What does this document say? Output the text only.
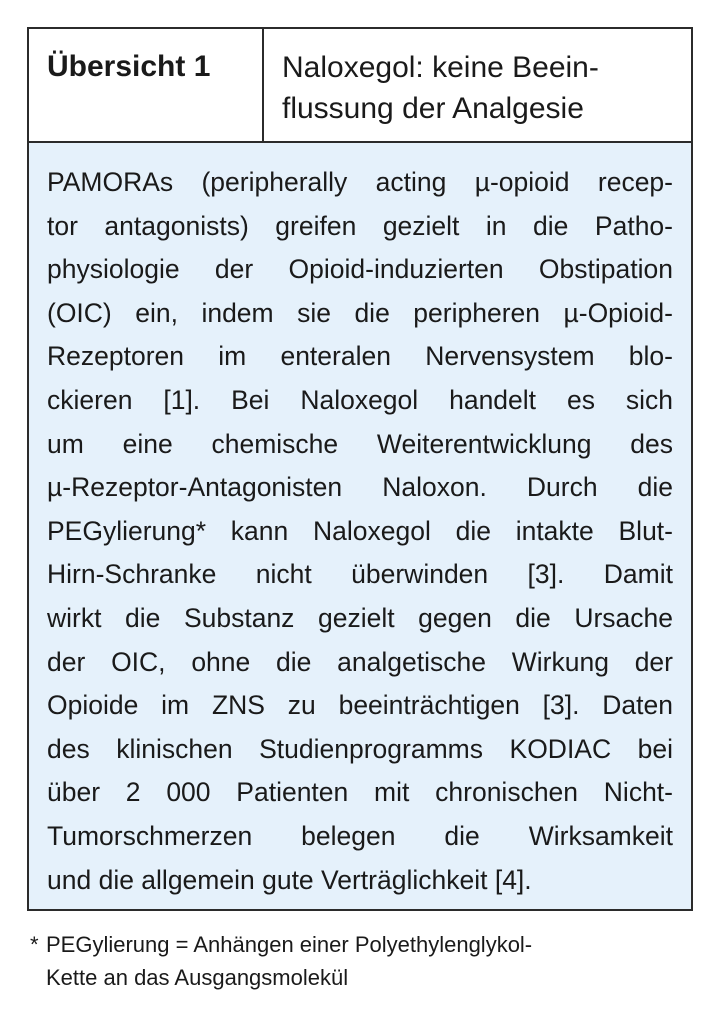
Übersicht 1	Naloxegol: keine Beein-
flussung der Analgesie
PAMORAs (peripherally acting µ-opioid recep-
tor antagonists) greifen gezielt in die Patho-
physiologie der Opioid-induzierten Obstipation
(OIC) ein, indem sie die peripheren µ-Opioid-
Rezeptoren im enteralen Nervensystem blo-
ckieren [1]. Bei Naloxegol handelt es sich
um eine chemische Weiterentwicklung des
µ-Rezeptor-Antagonisten Naloxon. Durch die
PEGylierung* kann Naloxegol die intakte Blut-
Hirn-Schranke nicht überwinden [3]. Damit
wirkt die Substanz gezielt gegen die Ursache
der OIC, ohne die analgetische Wirkung der
Opioide im ZNS zu beeinträchtigen [3]. Daten
des klinischen Studienprogramms KODIAC bei
über 2 000 Patienten mit chronischen Nicht-
Tumorschmerzen belegen die Wirksamkeit
und die allgemein gute Verträglichkeit [4].
* PEGylierung = Anhängen einer Polyethylenglykol-
Kette an das Ausgangsmolekül
